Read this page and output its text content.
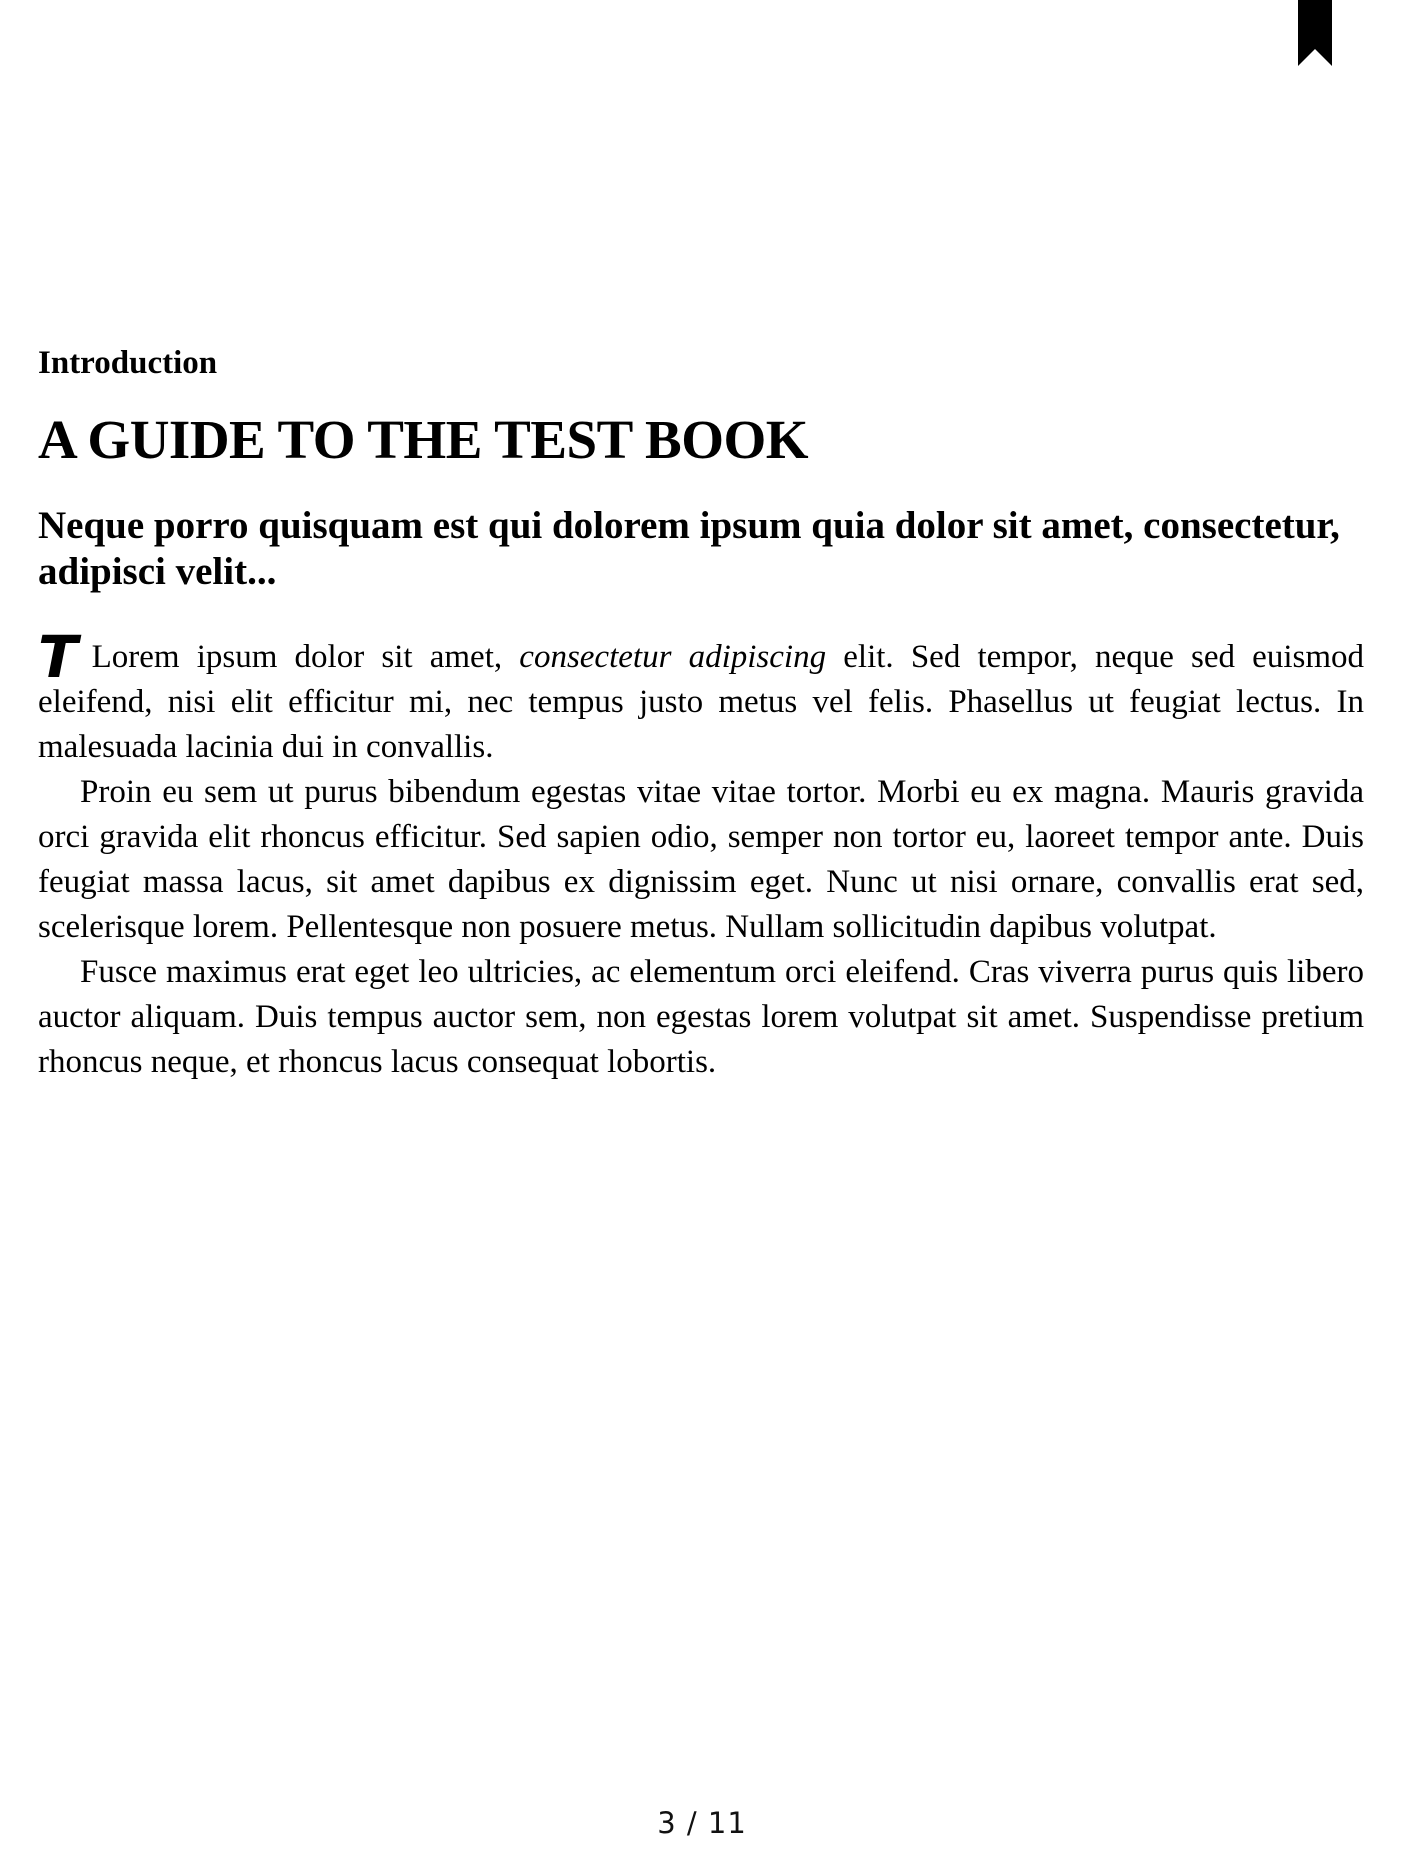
Introduction

A GUIDE TO THE TEST BOOK
Neque porro quisquam est qui dolorem ipsum quia dolor sit amet, consectetur, adipisci velit...

T Lorem ipsum dolor sit amet, consectetur adipiscing elit. Sed tempor, neque sed euismod eleifend, nisi elit efficitur mi, nec tempus justo metus vel felis. Phasellus ut feugiat lectus. In malesuada lacinia dui in convallis.

Proin eu sem ut purus bibendum egestas vitae vitae tortor. Morbi eu ex magna. Mauris gravida orci gravida elit rhoncus efficitur. Sed sapien odio, semper non tortor eu, laoreet tempor ante. Duis feugiat massa lacus, sit amet dapibus ex dignissim eget. Nunc ut nisi ornare, convallis erat sed, scelerisque lorem. Pellentesque non posuere metus. Nullam sollicitudin dapibus volutpat.

Fusce maximus erat eget leo ultricies, ac elementum orci eleifend. Cras viverra purus quis libero auctor aliquam. Duis tempus auctor sem, non egestas lorem volutpat sit amet. Suspendisse pretium rhoncus neque, et rhoncus lacus consequat lobortis.

3 / 11
